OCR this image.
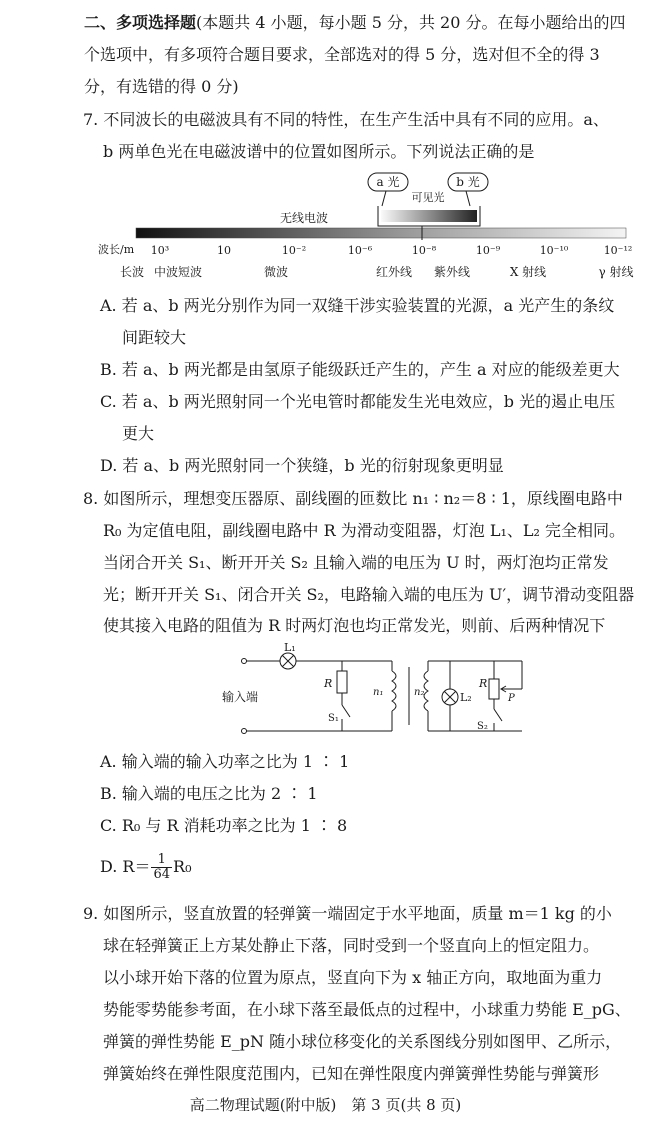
二、多项选择题(本题共 4 小题，每小题 5 分，共 20 分。在每小题给出的四
个选项中，有多项符合题目要求，全部选对的得 5 分，选对但不全的得 3
分，有选错的得 0 分)
7. 不同波长的电磁波具有不同的特性，在生产生活中具有不同的应用。a、
b 两单色光在电磁波谱中的位置如图所示。下列说法正确的是
a 光	b 光
可见光
无线电波
波长/m 10³	10	10⁻²	10⁻⁶	10⁻⁸	10⁻⁹	10⁻¹⁰	10⁻¹²
长波 中波短波	微波	红外线 紫外线	X 射线	γ 射线
A. 若 a、b 两光分别作为同一双缝干涉实验装置的光源，a 光产生的条纹
间距较大
B. 若 a、b 两光都是由氢原子能级跃迁产生的，产生 a 对应的能级差更大
C. 若 a、b 两光照射同一个光电管时都能发生光电效应，b 光的遏止电压
更大
D. 若 a、b 两光照射同一个狭缝，b 光的衍射现象更明显
8. 如图所示，理想变压器原、副线圈的匝数比 n₁ ∶ n₂＝8 ∶ 1，原线圈电路中
R₀ 为定值电阻，副线圈电路中 R 为滑动变阻器，灯泡 L₁、L₂ 完全相同。
当闭合开关 S₁、断开开关 S₂ 且输入端的电压为 U 时，两灯泡均正常发
光；断开开关 S₁、闭合开关 S₂，电路输入端的电压为 U′，调节滑动变阻器
使其接入电路的阻值为 R 时两灯泡也均正常发光，则前、后两种情况下
L₁
R
S₁
n₁	n₂	L₂
R
S₂
P
输入端
A. 输入端的输入功率之比为 1 ∶ 1
B. 输入端的电压之比为 2 ∶ 1
C. R₀ 与 R 消耗功率之比为 1 ∶ 8
D. $R= \frac{1}{64} R_0$
9. 如图所示，竖直放置的轻弹簧一端固定于水平地面，质量 m＝1 kg 的小
球在轻弹簧正上方某处静止下落，同时受到一个竖直向上的恒定阻力。
以小球开始下落的位置为原点，竖直向下为 x 轴正方向，取地面为重力
势能零势能参考面，在小球下落至最低点的过程中，小球重力势能 E_pG、
弹簧的弹性势能 E_pN 随小球位移变化的关系图线分别如图甲、乙所示，
弹簧始终在弹性限度范围内，已知在弹性限度内弹簧弹性势能与弹簧形
高二物理试题(附中版)　第 3 页(共 8 页)
